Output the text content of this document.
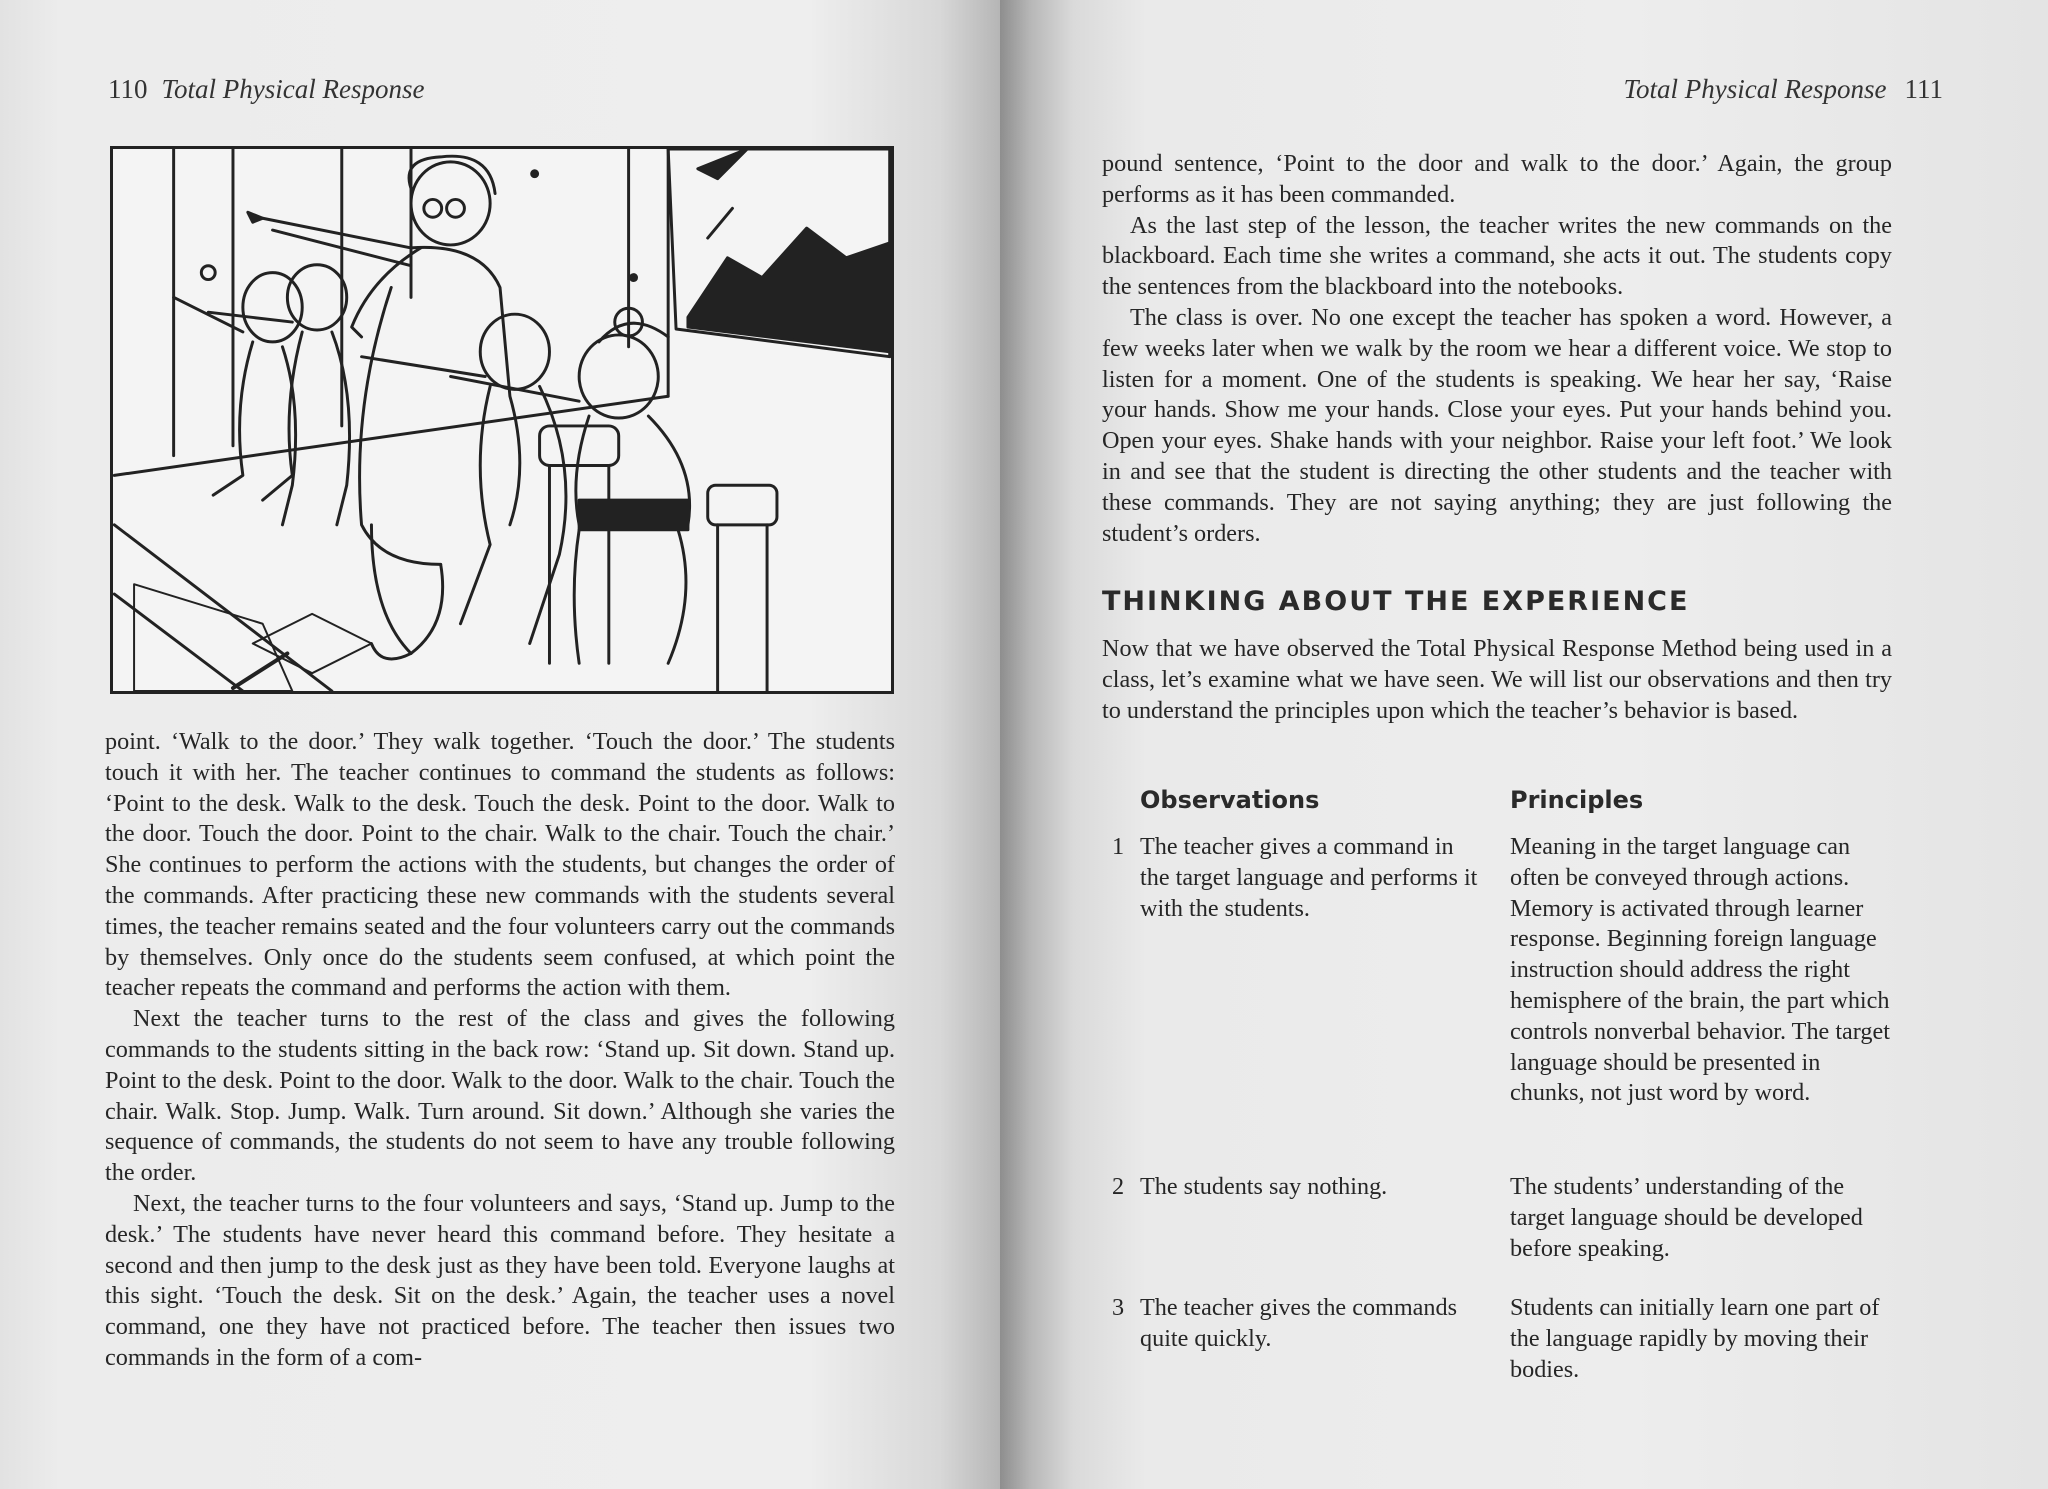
110 Total Physical Response

point. ‘Walk to the door.’ They walk together. ‘Touch the door.’ The students touch it with her. The teacher continues to command the students as follows: ‘Point to the desk. Walk to the desk. Touch the desk. Point to the door. Walk to the door. Touch the door. Point to the chair. Walk to the chair. Touch the chair.’ She continues to perform the actions with the students, but changes the order of the commands. After practicing these new commands with the students several times, the teacher remains seated and the four volunteers carry out the commands by themselves. Only once do the students seem confused, at which point the teacher repeats the command and performs the action with them.

Next the teacher turns to the rest of the class and gives the following commands to the students sitting in the back row: ‘Stand up. Sit down. Stand up. Point to the desk. Point to the door. Walk to the door. Walk to the chair. Touch the chair. Walk. Stop. Jump. Walk. Turn around. Sit down.’ Although she varies the sequence of commands, the students do not seem to have any trouble following the order.

Next, the teacher turns to the four volunteers and says, ‘Stand up. Jump to the desk.’ The students have never heard this command before. They hesitate a second and then jump to the desk just as they have been told. Everyone laughs at this sight. ‘Touch the desk. Sit on the desk.’ Again, the teacher uses a novel command, one they have not practiced before. The teacher then issues two commands in the form of a com-

Total Physical Response 111

pound sentence, ‘Point to the door and walk to the door.’ Again, the group performs as it has been commanded.

As the last step of the lesson, the teacher writes the new commands on the blackboard. Each time she writes a command, she acts it out. The students copy the sentences from the blackboard into the notebooks.

The class is over. No one except the teacher has spoken a word. However, a few weeks later when we walk by the room we hear a different voice. We stop to listen for a moment. One of the students is speaking. We hear her say, ‘Raise your hands. Show me your hands. Close your eyes. Put your hands behind you. Open your eyes. Shake hands with your neighbor. Raise your left foot.’ We look in and see that the student is directing the other students and the teacher with these commands. They are not saying anything; they are just following the student’s orders.

THINKING ABOUT THE EXPERIENCE

Now that we have observed the Total Physical Response Method being used in a class, let’s examine what we have seen. We will list our observations and then try to understand the principles upon which the teacher’s behavior is based.

Observations	Principles
1 The teacher gives a command in the target language and performs it with the students.
Meaning in the target language can often be conveyed through actions. Memory is activated through learner response. Beginning foreign language instruction should address the right hemisphere of the brain, the part which controls nonverbal behavior. The target language should be presented in chunks, not just word by word.
2 The students say nothing.	The students’ understanding of the target language should be developed before speaking.
3 The teacher gives the commands quite quickly.
Students can initially learn one part of the language rapidly by moving their bodies.
